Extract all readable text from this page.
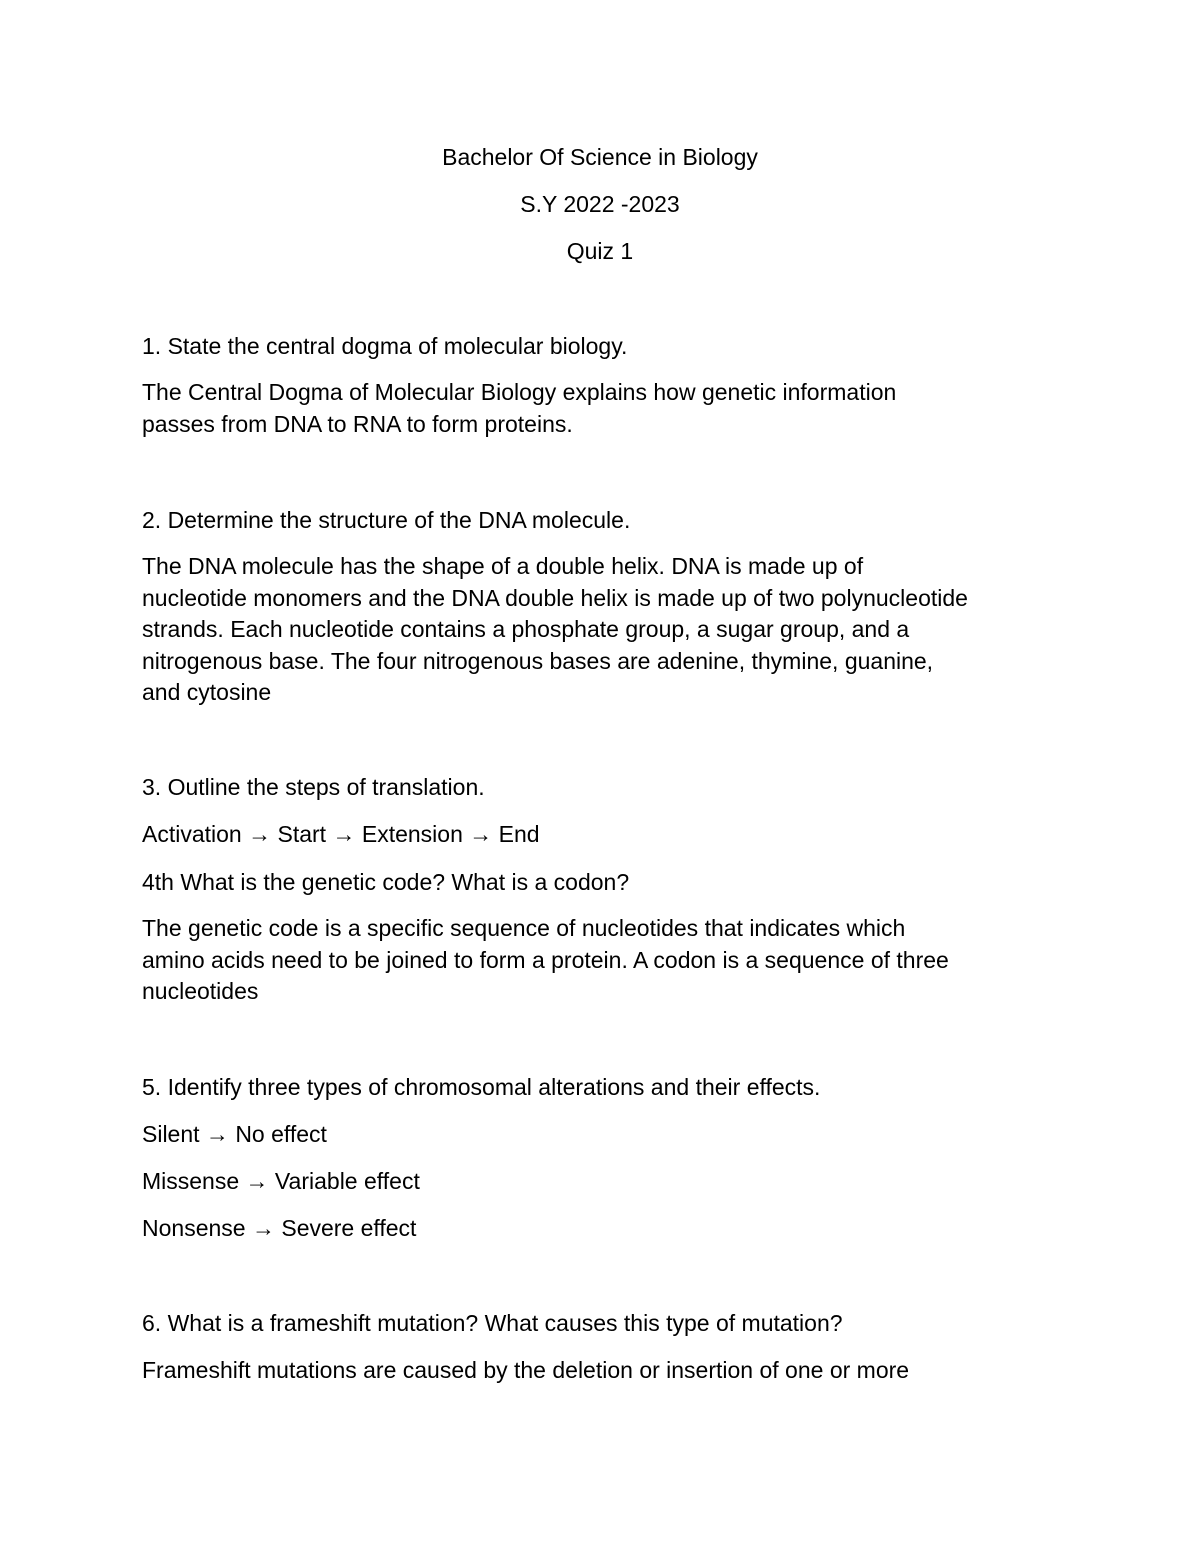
Bachelor Of Science in Biology

S.Y 2022 -2023

Quiz 1

1. State the central dogma of molecular biology.

The Central Dogma of Molecular Biology explains how genetic information
passes from DNA to RNA to form proteins.

2. Determine the structure of the DNA molecule.

The DNA molecule has the shape of a double helix. DNA is made up of
nucleotide monomers and the DNA double helix is made up of two polynucleotide
strands. Each nucleotide contains a phosphate group, a sugar group, and a
nitrogenous base. The four nitrogenous bases are adenine, thymine, guanine,
and cytosine

3. Outline the steps of translation.

Activation → Start → Extension → End

4th What is the genetic code? What is a codon?

The genetic code is a specific sequence of nucleotides that indicates which
amino acids need to be joined to form a protein. A codon is a sequence of three
nucleotides

5. Identify three types of chromosomal alterations and their effects.

Silent → No effect

Missense → Variable effect

Nonsense → Severe effect

6. What is a frameshift mutation? What causes this type of mutation?

Frameshift mutations are caused by the deletion or insertion of one or more
